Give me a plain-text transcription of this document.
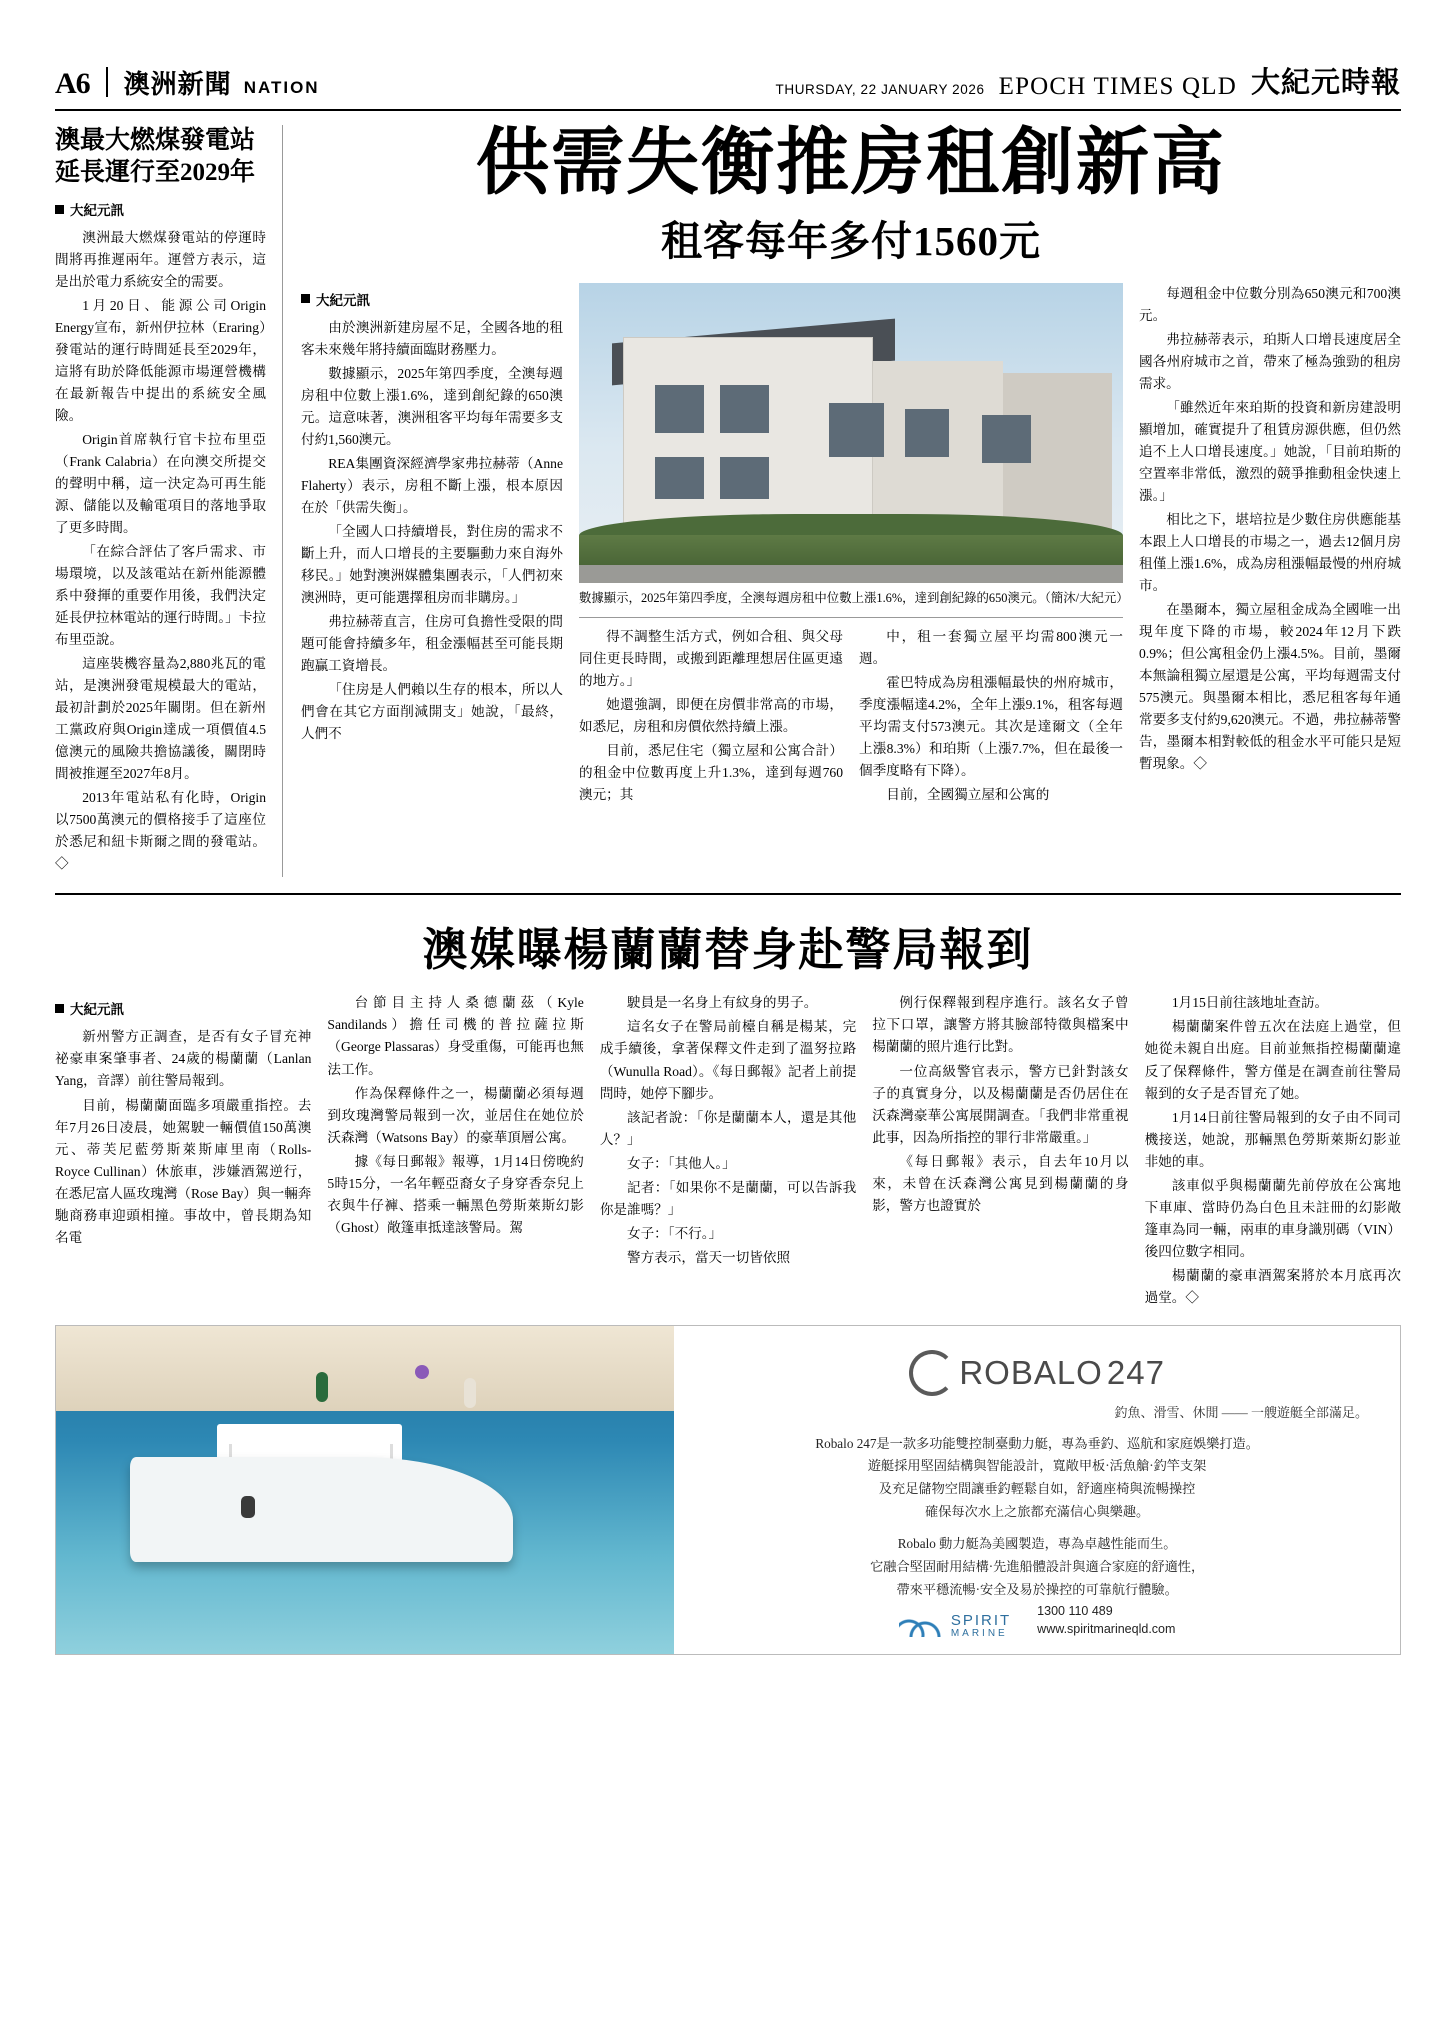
A6 澳洲新聞 NATION	THURSDAY, 22 JANUARY 2026 EPOCH TIMES QLD 大紀元時報
澳最大燃煤發電站延長運行至2029年
大紀元訊

澳洲最大燃煤發電站的停運時間將再推遲兩年。運營方表示，這是出於電力系統安全的需要。

1月20日、能源公司Origin Energy宣布，新州伊拉林（Eraring）發電站的運行時間延長至2029年，這將有助於降低能源市場運營機構在最新報告中提出的系統安全風險。

Origin首席執行官卡拉布里亞（Frank Calabria）在向澳交所提交的聲明中稱，這一決定為可再生能源、儲能以及輸電項目的落地爭取了更多時間。

「在綜合評估了客戶需求、市場環境，以及該電站在新州能源體系中發揮的重要作用後，我們決定延長伊拉林電站的運行時間。」卡拉布里亞說。

這座裝機容量為2,880兆瓦的電站，是澳洲發電規模最大的電站，最初計劃於2025年關閉。但在新州工黨政府與Origin達成一項價值4.5億澳元的風險共擔協議後，關閉時間被推遲至2027年8月。

2013年電站私有化時，Origin以7500萬澳元的價格接手了這座位於悉尼和紐卡斯爾之間的發電站。◇

供需失衡推房租創新高
租客每年多付1560元
大紀元訊

由於澳洲新建房屋不足，全國各地的租客未來幾年將持續面臨財務壓力。

數據顯示，2025年第四季度，全澳每週房租中位數上漲1.6%，達到創紀錄的650澳元。這意味著，澳洲租客平均每年需要多支付約1,560澳元。

REA集團資深經濟學家弗拉赫蒂（Anne Flaherty）表示，房租不斷上漲，根本原因在於「供需失衡」。

「全國人口持續增長，對住房的需求不斷上升，而人口增長的主要驅動力來自海外移民。」她對澳洲媒體集團表示，「人們初來澳洲時，更可能選擇租房而非購房。」

弗拉赫蒂直言，住房可負擔性受限的問題可能會持續多年，租金漲幅甚至可能長期跑贏工資增長。

「住房是人們賴以生存的根本，所以人們會在其它方面削減開支」她說，「最終，人們不

數據顯示，2025年第四季度，全澳每週房租中位數上漲1.6%，達到創紀錄的650澳元。（簡沐/大紀元）

得不調整生活方式，例如合租、與父母同住更長時間，或搬到距離理想居住區更遠的地方。」

她還強調，即便在房價非常高的市場，如悉尼，房租和房價依然持續上漲。

目前，悉尼住宅（獨立屋和公寓合計）的租金中位數再度上升1.3%，達到每週760澳元；其

中，租一套獨立屋平均需800澳元一週。

霍巴特成為房租漲幅最快的州府城市，季度漲幅達4.2%，全年上漲9.1%，租客每週平均需支付573澳元。其次是達爾文（全年上漲8.3%）和珀斯（上漲7.7%，但在最後一個季度略有下降）。

目前，全國獨立屋和公寓的

每週租金中位數分別為650澳元和700澳元。

弗拉赫蒂表示，珀斯人口增長速度居全國各州府城市之首，帶來了極為強勁的租房需求。

「雖然近年來珀斯的投資和新房建設明顯增加，確實提升了租賃房源供應，但仍然追不上人口增長速度。」她說，「目前珀斯的空置率非常低，激烈的競爭推動租金快速上漲。」

相比之下，堪培拉是少數住房供應能基本跟上人口增長的市場之一，過去12個月房租僅上漲1.6%，成為房租漲幅最慢的州府城市。

在墨爾本，獨立屋租金成為全國唯一出現年度下降的市場，較2024年12月下跌0.9%；但公寓租金仍上漲4.5%。目前，墨爾本無論租獨立屋還是公寓，平均每週需支付575澳元。與墨爾本相比，悉尼租客每年通常要多支付約9,620澳元。不過，弗拉赫蒂警告，墨爾本相對較低的租金水平可能只是短暫現象。◇

澳媒曝楊蘭蘭替身赴警局報到
大紀元訊

新州警方正調查，是否有女子冒充神祕豪車案肇事者、24歲的楊蘭蘭（Lanlan Yang，音譯）前往警局報到。

目前，楊蘭蘭面臨多項嚴重指控。去年7月26日凌晨，她駕駛一輛價值150萬澳元、蒂芙尼藍勞斯萊斯庫里南（Rolls-Royce Cullinan）休旅車，涉嫌酒駕逆行，在悉尼富人區玫瑰灣（Rose Bay）與一輛奔馳商務車迎頭相撞。事故中，曾長期為知名電

台節目主持人桑德蘭茲（Kyle Sandilands）擔任司機的普拉薩拉斯（George Plassaras）身受重傷，可能再也無法工作。

作為保釋條件之一，楊蘭蘭必須每週到玫瑰灣警局報到一次，並居住在她位於沃森灣（Watsons Bay）的豪華頂層公寓。

據《每日郵報》報導，1月14日傍晚約5時15分，一名年輕亞裔女子身穿香奈兒上衣與牛仔褲、搭乘一輛黑色勞斯萊斯幻影（Ghost）敞篷車抵達該警局。駕

駛員是一名身上有紋身的男子。

這名女子在警局前檯自稱是楊某，完成手續後，拿著保釋文件走到了溫努拉路（Wunulla Road）。《每日郵報》記者上前提問時，她停下腳步。

該記者說：「你是蘭蘭本人，還是其他人？」

女子：「其他人。」

記者：「如果你不是蘭蘭，可以告訴我你是誰嗎？」

女子：「不行。」

警方表示，當天一切皆依照

例行保釋報到程序進行。該名女子曾拉下口罩，讓警方將其臉部特徵與檔案中楊蘭蘭的照片進行比對。

一位高級警官表示，警方已針對該女子的真實身分，以及楊蘭蘭是否仍居住在沃森灣豪華公寓展開調查。「我們非常重視此事，因為所指控的罪行非常嚴重。」

《每日郵報》表示，自去年10月以來，未曾在沃森灣公寓見到楊蘭蘭的身影，警方也證實於

1月15日前往該地址查訪。

楊蘭蘭案件曾五次在法庭上過堂，但她從未親自出庭。目前並無指控楊蘭蘭違反了保釋條件，警方僅是在調查前往警局報到的女子是否冒充了她。

1月14日前往警局報到的女子由不同司機接送，她說，那輛黑色勞斯萊斯幻影並非她的車。

該車似乎與楊蘭蘭先前停放在公寓地下車庫、當時仍為白色且未註冊的幻影敞篷車為同一輛，兩車的車身識別碼（VIN）後四位數字相同。

楊蘭蘭的豪車酒駕案將於本月底再次過堂。◇

ROBALO 247
釣魚、滑雪、休閒 —— 一艘遊艇全部滿足。

Robalo 247是一款多功能雙控制臺動力艇，專為垂釣、巡航和家庭娛樂打造。

遊艇採用堅固結構與智能設計，寬敞甲板·活魚艙·釣竿支架

及充足儲物空間讓垂釣輕鬆自如，舒適座椅與流暢操控

確保每次水上之旅都充滿信心與樂趣。

Robalo 動力艇為美國製造，專為卓越性能而生。

它融合堅固耐用結構·先進船體設計與適合家庭的舒適性，

帶來平穩流暢·安全及易於操控的可靠航行體驗。

SPIRIT
MARINE
1300 110 489
www.spiritmarineqld.com
